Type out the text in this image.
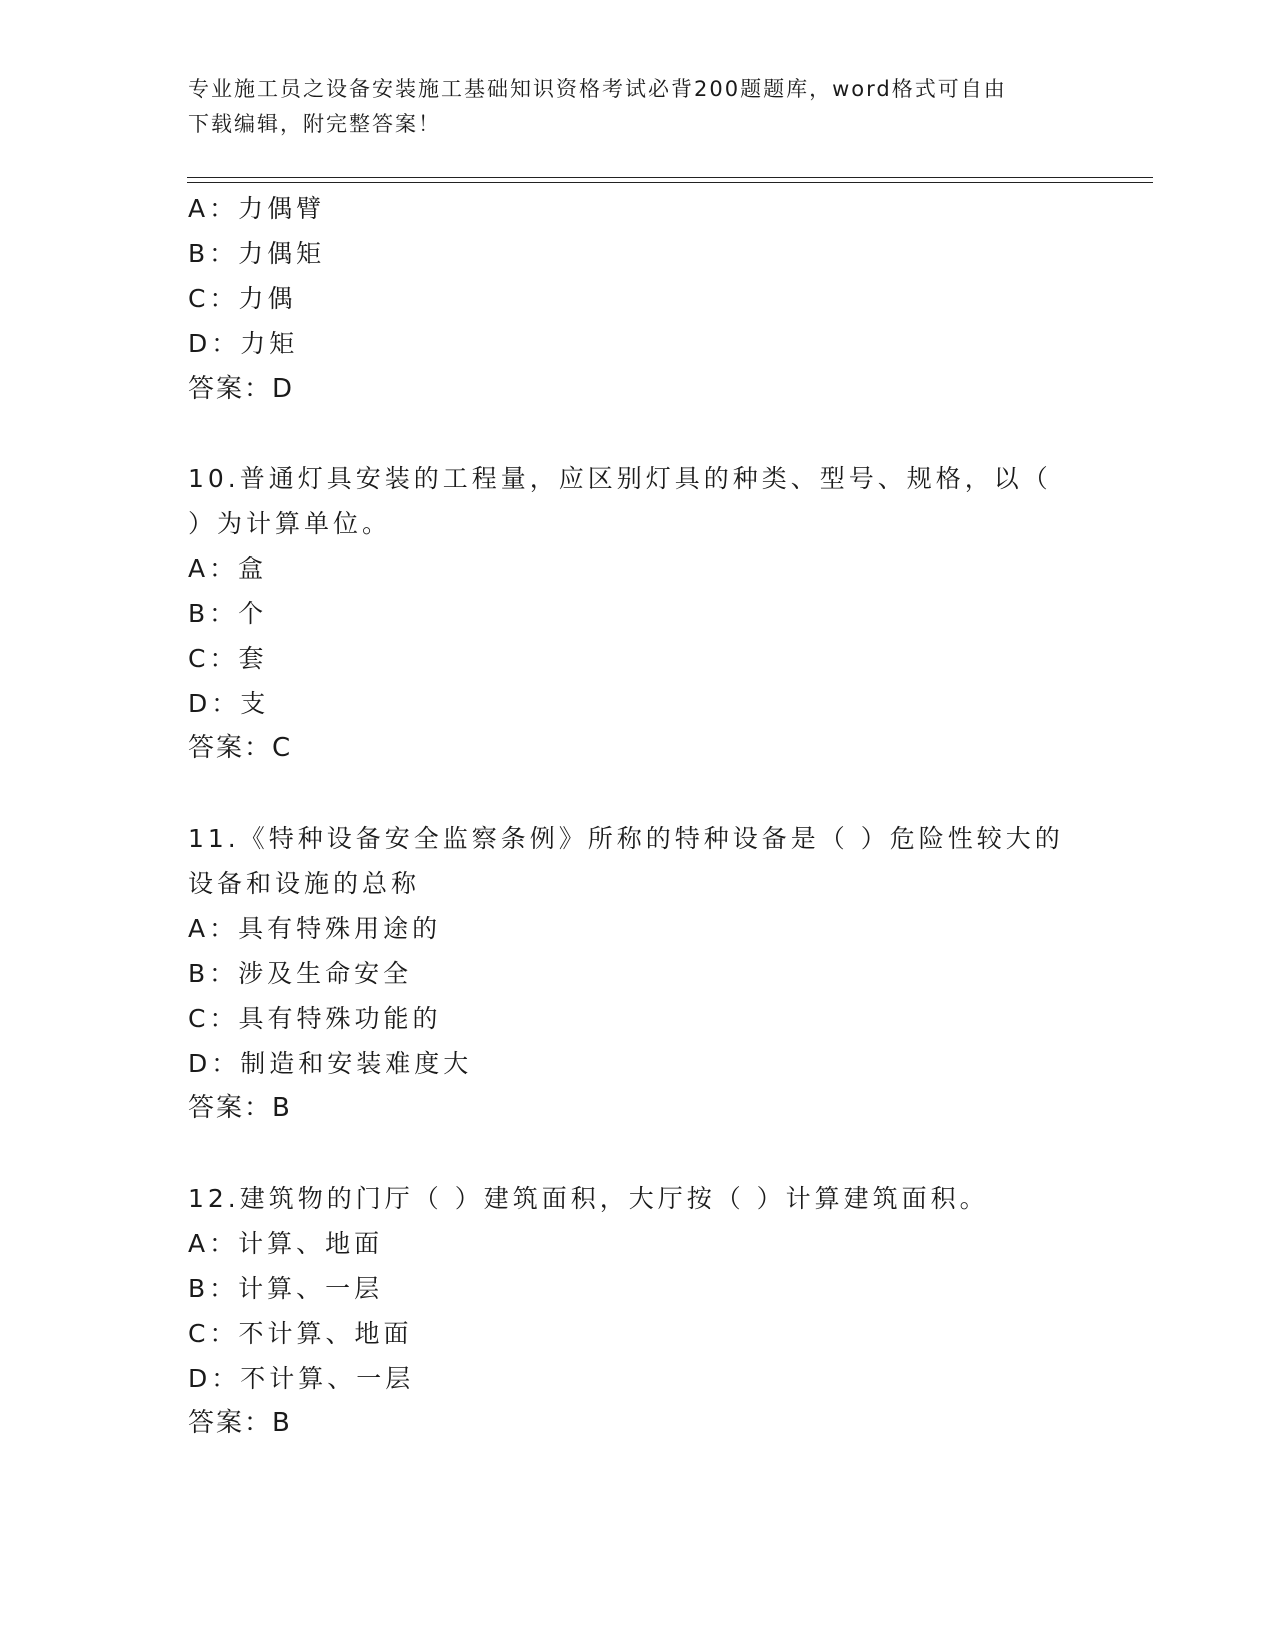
专业施工员之设备安装施工基础知识资格考试必背200题题库，word格式可自由
下载编辑，附完整答案！
A：力偶臂
B：力偶矩
C：力偶
D：力矩
答案：D
10.普通灯具安装的工程量，应区别灯具的种类、型号、规格，以（
）为计算单位。
A：盒
B：个
C：套
D：支
答案：C
11.《特种设备安全监察条例》所称的特种设备是（ ）危险性较大的
设备和设施的总称
A：具有特殊用途的
B：涉及生命安全
C：具有特殊功能的
D：制造和安装难度大
答案：B
12.建筑物的门厅（ ）建筑面积，大厅按（ ）计算建筑面积。
A：计算、地面
B：计算、一层
C：不计算、地面
D：不计算、一层
答案：B
